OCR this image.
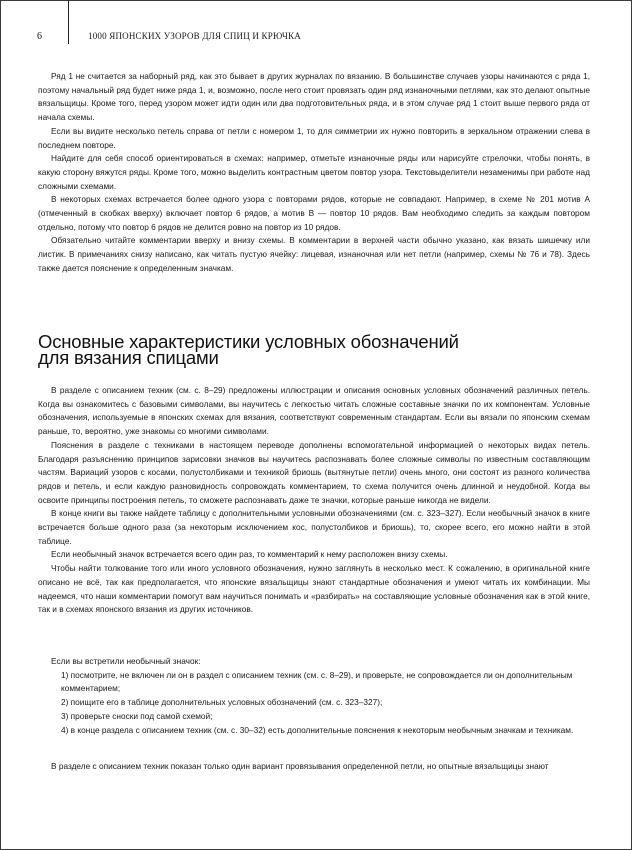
6	1000 ЯПОНСКИХ УЗОРОВ ДЛЯ СПИЦ И КРЮЧКА

Ряд 1 не считается за наборный ряд, как это бывает в других журналах по вязанию. В большинстве случаев узоры начинаются с ряда 1, поэтому начальный ряд будет ниже ряда 1, и, возможно, после него стоит провязать один ряд изнаночными петлями, как это делают опытные вязальщицы. Кроме того, перед узором может идти один или два подготовительных ряда, и в этом случае ряд 1 стоит выше первого ряда от начала схемы.

Если вы видите несколько петель справа от петли с номером 1, то для симметрии их нужно повторить в зеркальном отражении слева в последнем повторе.

Найдите для себя способ ориентироваться в схемах: например, отметьте изнаночные ряды или нарисуйте стрелочки, чтобы понять, в какую сторону вяжутся ряды. Кроме того, можно выделить контрастным цветом повтор узора. Текстовыделители незаменимы при работе над сложными схемами.

В некоторых схемах встречается более одного узора с повторами рядов, которые не совпадают. Например, в схеме № 201 мотив А (отмеченный в скобках вверху) включает повтор 6 рядов, а мотив В — повтор 10 рядов. Вам необходимо следить за каждым повтором отдельно, потому что повтор 6 рядов не делится ровно на повтор из 10 рядов.

Обязательно читайте комментарии вверху и внизу схемы. В комментарии в верхней части обычно указано, как вязать шишечку или листик. В примечаниях снизу написано, как читать пустую ячейку: лицевая, изнаночная или нет петли (например, схемы № 76 и 78). Здесь также дается пояснение к определенным значкам.

Основные характеристики условных обозначений
для вязания спицами

В разделе с описанием техник (см. с. 8–29) предложены иллюстрации и описания основных условных обозначений различных петель. Когда вы ознакомитесь с базовыми символами, вы научитесь с легкостью читать сложные составные значки по их компонентам. Условные обозначения, используемые в японских схемах для вязания, соответствуют современным стандартам. Если вы вязали по японским схемам раньше, то, вероятно, уже знакомы со многими символами.

Пояснения в разделе с техниками в настоящем переводе дополнены вспомогательной информацией о некоторых видах петель. Благодаря разъяснению принципов зарисовки значков вы научитесь распознавать более сложные символы по известным составляющим частям. Вариаций узоров с косами, полустолбиками и техникой бриошь (вытянутые петли) очень много, они состоят из разного количества рядов и петель, и если каждую разновидность сопровождать комментарием, то схема получится очень длинной и неудобной. Когда вы освоите принципы построения петель, то сможете распознавать даже те значки, которые раньше никогда не видели.

В конце книги вы также найдете таблицу с дополнительными условными обозначениями (см. с. 323–327). Если необычный значок в книге встречается больше одного раза (за некоторым исключением кос, полустолбиков и бриошь), то, скорее всего, его можно найти в этой таблице.

Если необычный значок встречается всего один раз, то комментарий к нему расположен внизу схемы.

Чтобы найти толкование того или иного условного обозначения, нужно заглянуть в несколько мест. К сожалению, в оригинальной книге описано не всё, так как предполагается, что японские вязальщицы знают стандартные обозначения и умеют читать их комбинации. Мы надеемся, что наши комментарии помогут вам научиться понимать и «разбирать» на составляющие условные обозначения как в этой книге, так и в схемах японского вязания из других источников.

Если вы встретили необычный значок:

1) посмотрите, не включен ли он в раздел с описанием техник (см. с. 8–29), и проверьте, не сопровождается ли он дополнительным комментарием;
2) поищите его в таблице дополнительных условных обозначений (см. с. 323–327);
3) проверьте сноски под самой схемой;
4) в конце раздела с описанием техник (см. с. 30–32) есть дополнительные пояснения к некоторым необычным значкам и техникам.

В разделе с описанием техник показан только один вариант провязывания определенной петли, но опытные вязальщицы знают
